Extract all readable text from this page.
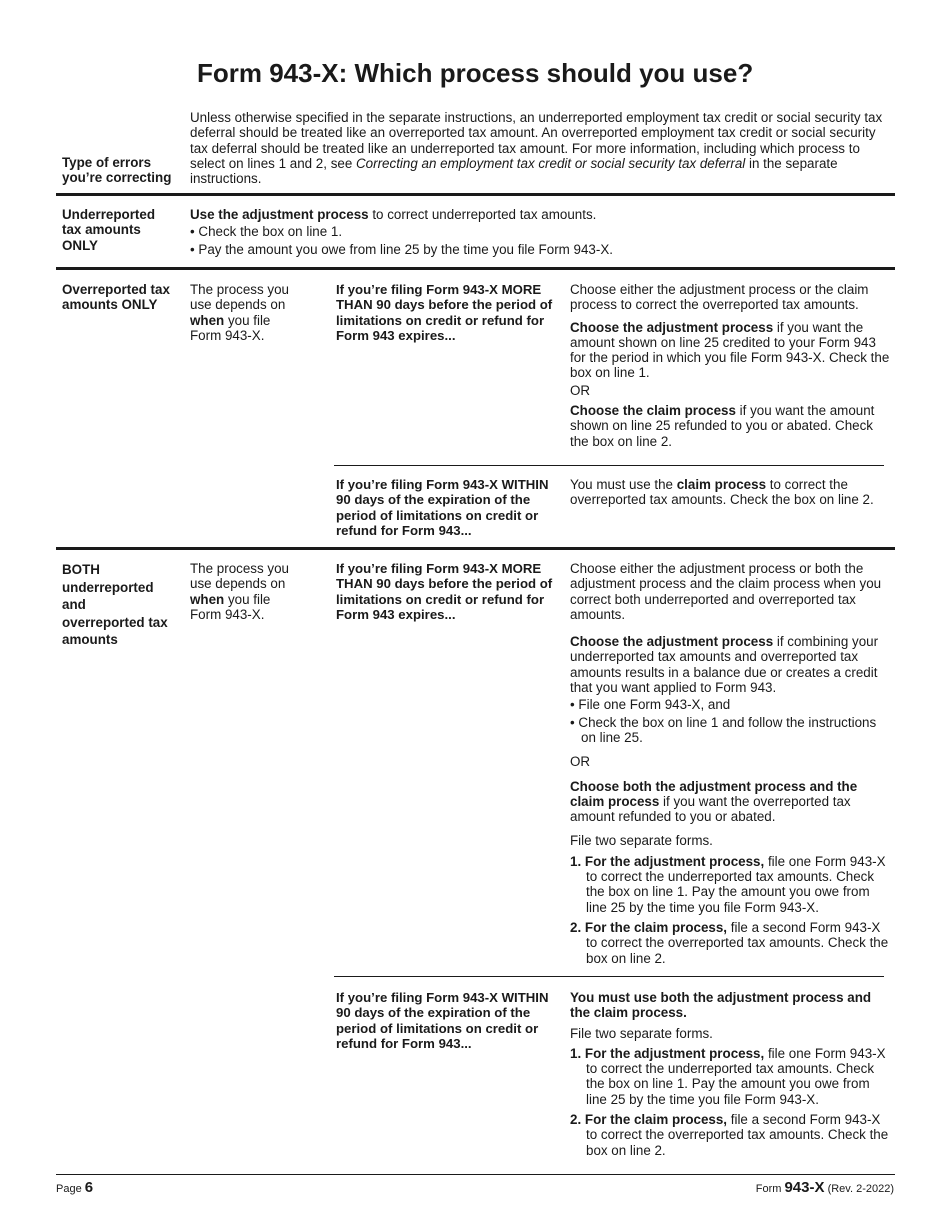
Form 943-X: Which process should you use?
Type of errors you’re correcting
Unless otherwise specified in the separate instructions, an underreported employment tax credit or social security tax deferral should be treated like an overreported tax amount. An overreported employment tax credit or social security tax deferral should be treated like an underreported tax amount. For more information, including which process to select on lines 1 and 2, see Correcting an employment tax credit or social security tax deferral in the separate instructions.
Underreported tax amounts ONLY

Use the adjustment process to correct underreported tax amounts.

• Check the box on line 1.

• Pay the amount you owe from line 25 by the time you file Form 943-X.

Overreported tax amounts ONLY
The process you use depends on when you file Form 943-X.
If you’re filing Form 943-X MORE THAN 90 days before the period of limitations on credit or refund for Form 943 expires...

Choose either the adjustment process or the claim process to correct the overreported tax amounts.

Choose the adjustment process if you want the amount shown on line 25 credited to your Form 943 for the period in which you file Form 943-X. Check the box on line 1.

OR

Choose the claim process if you want the amount shown on line 25 refunded to you or abated. Check the box on line 2.

If you’re filing Form 943-X WITHIN 90 days of the expiration of the period of limitations on credit or refund for Form 943...

You must use the claim process to correct the overreported tax amounts. Check the box on line 2.

BOTH underreported and overreported tax amounts
The process you use depends on when you file Form 943-X.
If you’re filing Form 943-X MORE THAN 90 days before the period of limitations on credit or refund for Form 943 expires...

Choose either the adjustment process or both the adjustment process and the claim process when you correct both underreported and overreported tax amounts.

Choose the adjustment process if combining your underreported tax amounts and overreported tax amounts results in a balance due or creates a credit that you want applied to Form 943.

• File one Form 943-X, and

• Check the box on line 1 and follow the instructions on line 25.

OR

Choose both the adjustment process and the claim process if you want the overreported tax amount refunded to you or abated.

File two separate forms.

1. For the adjustment process, file one Form 943-X to correct the underreported tax amounts. Check the box on line 1. Pay the amount you owe from line 25 by the time you file Form 943-X.

2. For the claim process, file a second Form 943-X to correct the overreported tax amounts. Check the box on line 2.

If you’re filing Form 943-X WITHIN 90 days of the expiration of the period of limitations on credit or refund for Form 943...

You must use both the adjustment process and the claim process.

File two separate forms.

1. For the adjustment process, file one Form 943-X to correct the underreported tax amounts. Check the box on line 1. Pay the amount you owe from line 25 by the time you file Form 943-X.

2. For the claim process, file a second Form 943-X to correct the overreported tax amounts. Check the box on line 2.

Page 6	Form 943-X (Rev. 2-2022)
